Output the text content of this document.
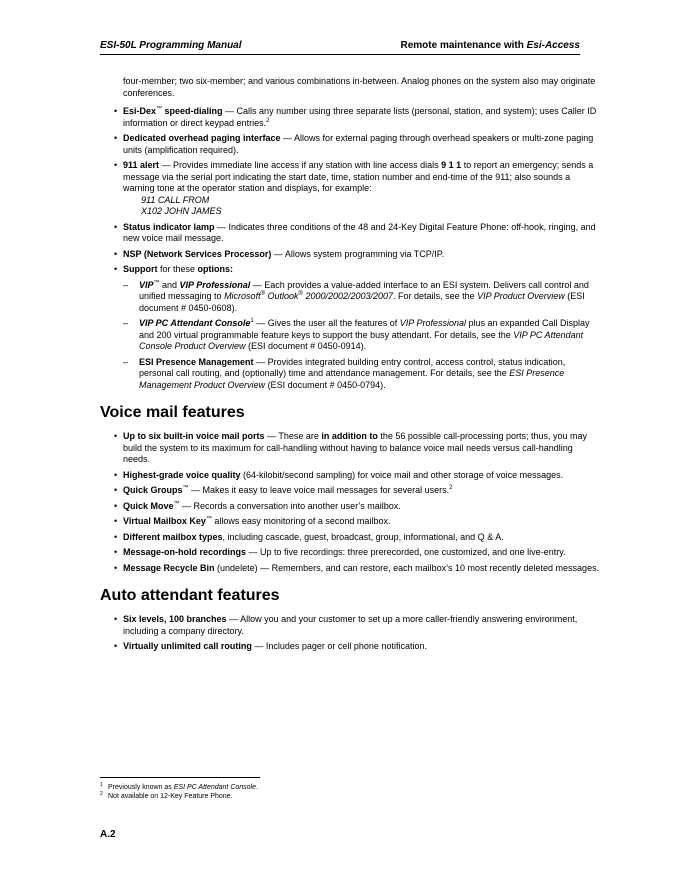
ESI-50L Programming Manual	Remote maintenance with Esi-Access

four-member; two six-member; and various combinations in-between. Analog phones on the system also may originate conferences.

• Esi-Dex™ speed-dialing — Calls any number using three separate lists (personal, station, and system); uses Caller ID information or direct keypad entries.$^2$
• Dedicated overhead paging interface — Allows for external paging through overhead speakers or multi-zone paging units (amplification required).
• 911 alert — Provides immediate line access if any station with line access dials 9 1 1 to report an emergency; sends a message via the serial port indicating the start date, time, station number and end-time of the 911; also sounds a warning tone at the operator station and displays, for example:
911 CALL FROM
X102 JOHN JAMES
• Status indicator lamp — Indicates three conditions of the 48 and 24-Key Digital Feature Phone: off-hook, ringing, and new voice mail message.
• NSP (Network Services Processor) — Allows system programming via TCP/IP.
• Support for these options:
– VIP™ and VIP Professional — Each provides a value-added interface to an ESI system. Delivers call control and unified messaging to Microsoft® Outlook® 2000/2002/2003/2007. For details, see the VIP Product Overview (ESI document # 0450-0608).
– VIP PC Attendant Console$^1$ — Gives the user all the features of VIP Professional plus an expanded Call Display and 200 virtual programmable feature keys to support the busy attendant. For details, see the VIP PC Attendant Console Product Overview (ESI document # 0450-0914).
– ESI Presence Management — Provides integrated building entry control, access control, status indication, personal call routing, and (optionally) time and attendance management. For details, see the ESI Presence Management Product Overview (ESI document # 0450-0794).
Voice mail features
• Up to six built-in voice mail ports — These are in addition to the 56 possible call-processing ports; thus, you may build the system to its maximum for call-handling without having to balance voice mail needs versus call-handling needs.
• Highest-grade voice quality (64-kilobit/second sampling) for voice mail and other storage of voice messages.
• Quick Groups™ — Makes it easy to leave voice mail messages for several users.$^2$
• Quick Move™ — Records a conversation into another user’s mailbox.
• Virtual Mailbox Key™ allows easy monitoring of a second mailbox.
• Different mailbox types, including cascade, guest, broadcast, group, informational, and Q & A.
• Message-on-hold recordings — Up to five recordings: three prerecorded, one customized, and one live-entry.
• Message Recycle Bin (undelete) — Remembers, and can restore, each mailbox’s 10 most recently deleted messages.
Auto attendant features
• Six levels, 100 branches — Allow you and your customer to set up a more caller-friendly answering environment, including a company directory.
• Virtually unlimited call routing — Includes pager or cell phone notification.
1 Previously known as ESI PC Attendant Console.
2 Not available on 12-Key Feature Phone.
A.2
